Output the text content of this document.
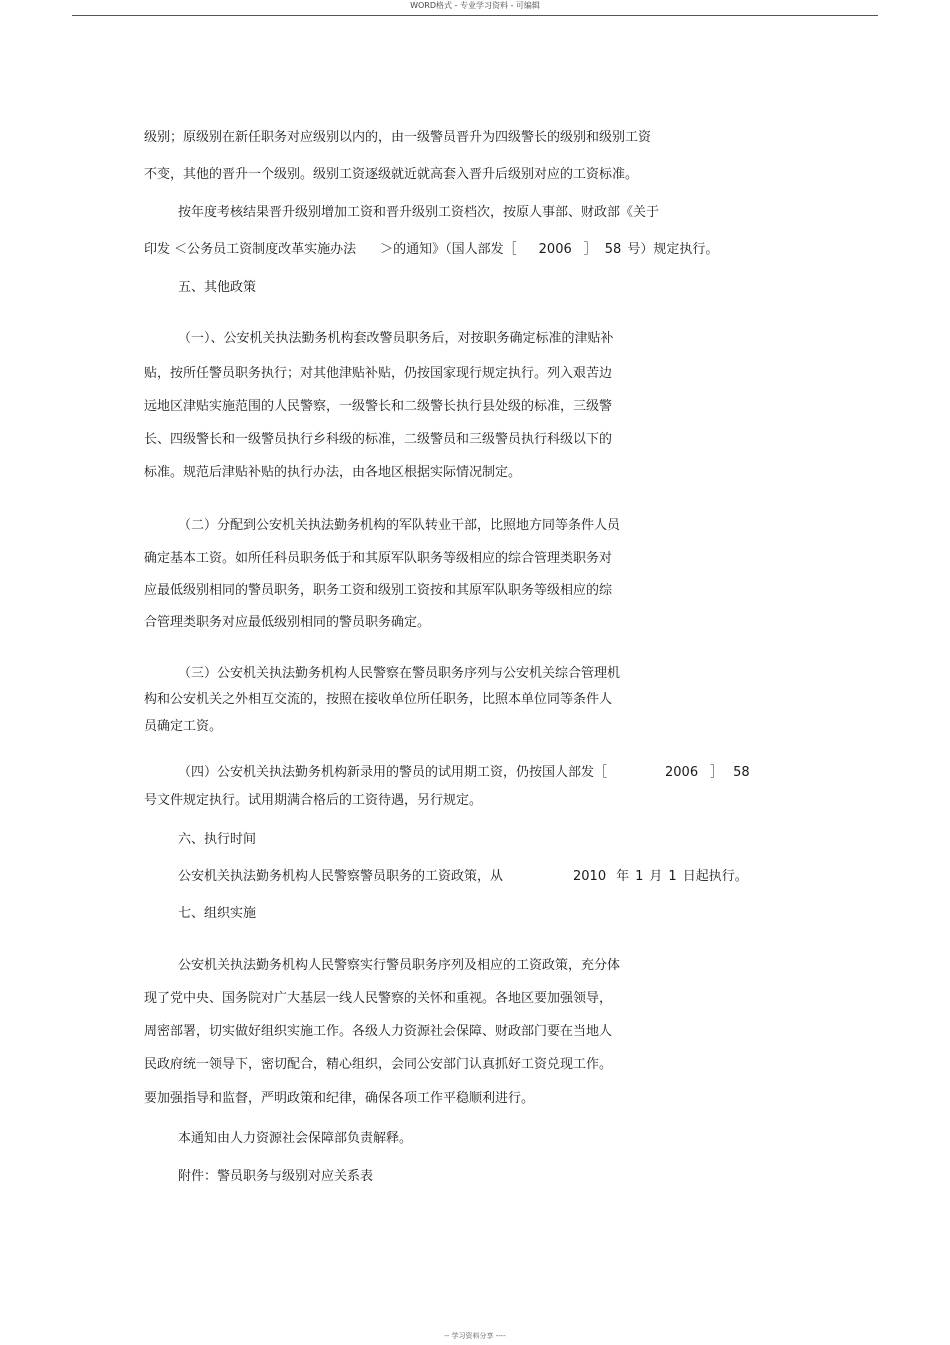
WORD格式 - 专业学习资料 - 可编辑
级别；原级别在新任职务对应级别以内的，由一级警员晋升为四级警长的级别和级别工资
不变，其他的晋升一个级别。级别工资逐级就近就高套入晋升后级别对应的工资标准。
按年度考核结果晋升级别增加工资和晋升级别工资档次，按原人事部、财政部《关于
印发 ＜公务员工资制度改革实施办法 ＞的通知》（国人部发［ 2006 ］ 58 号）规定执行。
五、其他政策
（一）、公安机关执法勤务机构套改警员职务后，对按职务确定标准的津贴补
贴，按所任警员职务执行；对其他津贴补贴，仍按国家现行规定执行。列入艰苦边
远地区津贴实施范围的人民警察，一级警长和二级警长执行县处级的标准，三级警
长、四级警长和一级警员执行乡科级的标准，二级警员和三级警员执行科级以下的
标准。规范后津贴补贴的执行办法，由各地区根据实际情况制定。
（二）分配到公安机关执法勤务机构的军队转业干部，比照地方同等条件人员
确定基本工资。如所任科员职务低于和其原军队职务等级相应的综合管理类职务对
应最低级别相同的警员职务，职务工资和级别工资按和其原军队职务等级相应的综
合管理类职务对应最低级别相同的警员职务确定。
（三）公安机关执法勤务机构人民警察在警员职务序列与公安机关综合管理机
构和公安机关之外相互交流的，按照在接收单位所任职务，比照本单位同等条件人
员确定工资。
（四）公安机关执法勤务机构新录用的警员的试用期工资，仍按国人部发［	2006 ］ 58
号文件规定执行。试用期满合格后的工资待遇，另行规定。
六、执行时间
公安机关执法勤务机构人民警察警员职务的工资政策，从	2010 年 1 月 1 日起执行。
七、组织实施
公安机关执法勤务机构人民警察实行警员职务序列及相应的工资政策，充分体
现了党中央、国务院对广大基层一线人民警察的关怀和重视。各地区要加强领导，
周密部署，切实做好组织实施工作。各级人力资源社会保障、财政部门要在当地人
民政府统一领导下，密切配合，精心组织，会同公安部门认真抓好工资兑现工作。
要加强指导和监督，严明政策和纪律，确保各项工作平稳顺利进行。
本通知由人力资源社会保障部负责解释。
附件：警员职务与级别对应关系表
-- 学习资料分享 ----
